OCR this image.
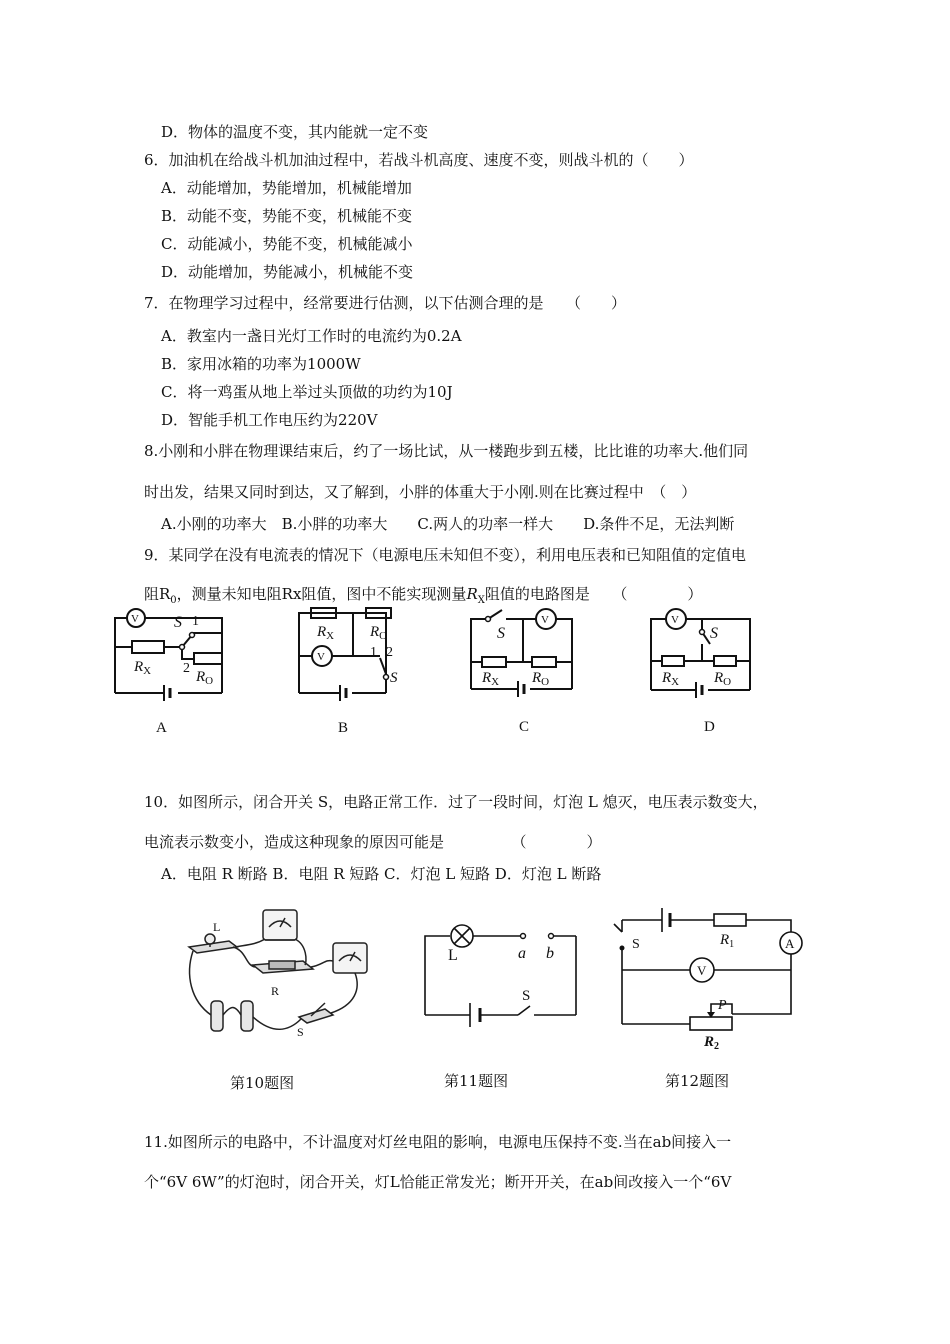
D．物体的温度不变，其内能就一定不变
6．加油机在给战斗机加油过程中，若战斗机高度、速度不变，则战斗机的（　　）
A．动能增加，势能增加，机械能增加
B．动能不变，势能不变，机械能不变
C．动能减小，势能不变，机械能减小
D．动能增加，势能减小，机械能不变
7．在物理学习过程中，经常要进行估测，以下估测合理的是　　（　　）
A．教室内一盏日光灯工作时的电流约为0.2A
B．家用冰箱的功率为1000W
C．将一鸡蛋从地上举过头顶做的功约为10J
D．智能手机工作电压约为220V
8.小刚和小胖在物理课结束后，约了一场比试，从一楼跑步到五楼，比比谁的功率大.他们同
时出发，结果又同时到达，又了解到，小胖的体重大于小刚.则在比赛过程中　（　）
A.小刚的功率大　B.小胖的功率大　　C.两人的功率一样大　　D.条件不足，无法判断
9．某同学在没有电流表的情况下（电源电压未知但不变），利用电压表和已知阻值的定值电
阻$R_0$，测量未知电阻Rx阻值，图中不能实现测量$R_X$阻值的电路图是　　（　　　　）
V S 1
2
$R_X$	$R_O$
A
V
$R_X$ $R_O$
1 2
S
B
V
S
$R_X$ $R_O$
C
V
S
$R_X$ $R_O$
D
10．如图所示，闭合开关 S，电路正常工作．过了一段时间，灯泡 L 熄灭，电压表示数变大，
电流表示数变小，造成这种现象的原因可能是　　　　　（　　　　）
A．电阻 R 断路 B．电阻 R 短路 C．灯泡 L 短路 D．灯泡 L 断路
L
R
S
L	a b
S
S	$R_1$	A
V
P
$R_2$
第10题图	第11题图	第12题图
11.如图所示的电路中，不计温度对灯丝电阻的影响，电源电压保持不变.当在ab间接入一
个“6V 6W”的灯泡时，闭合开关，灯L恰能正常发光；断开开关，在ab间改接入一个“6V
